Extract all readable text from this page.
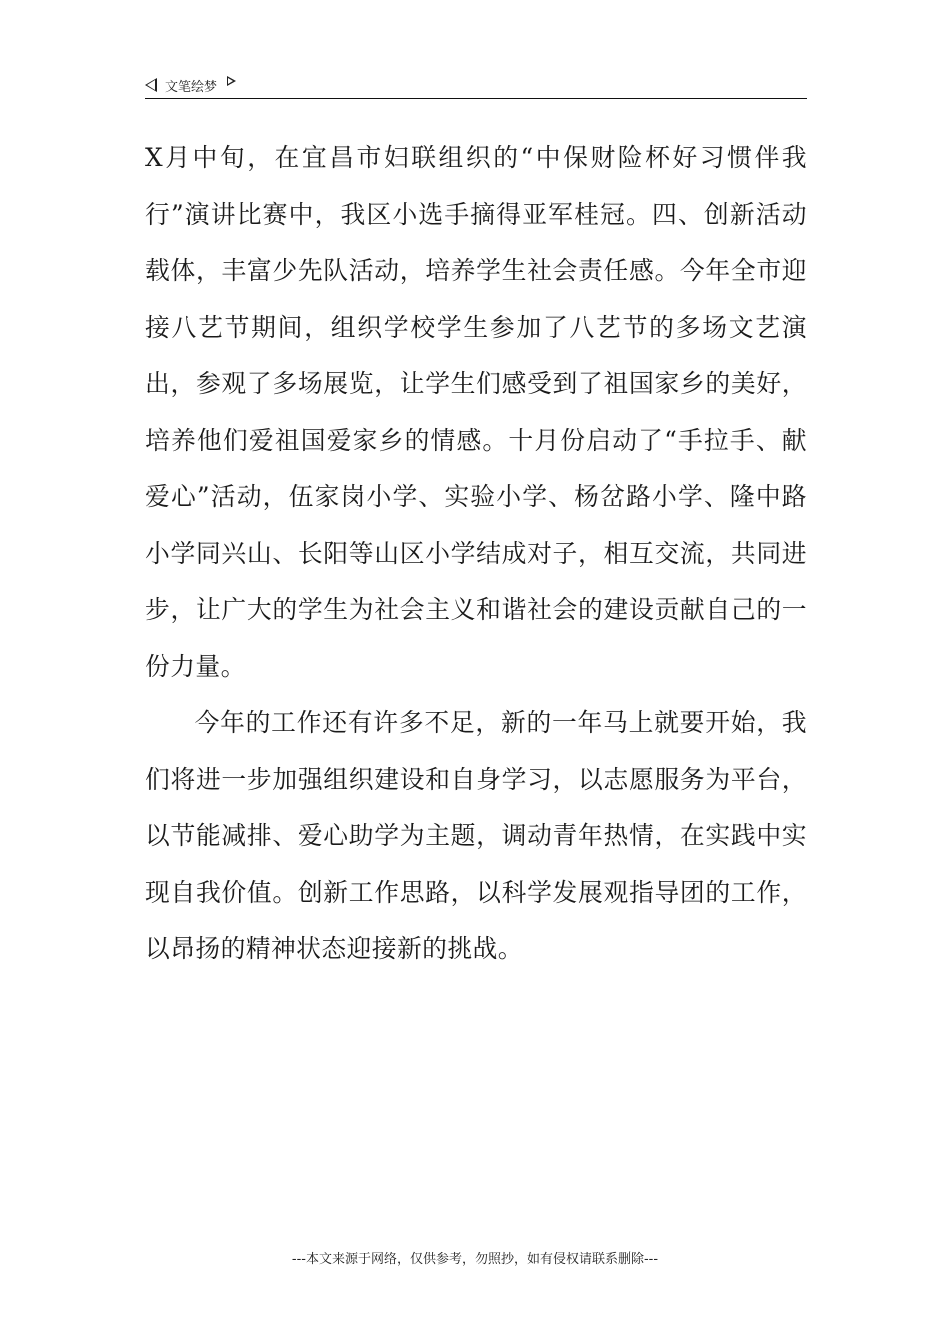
文笔绘梦

X月中旬，在宜昌市妇联组织的“中保财险杯好习惯伴我行”演讲比赛中，我区小选手摘得亚军桂冠。四、创新活动载体，丰富少先队活动，培养学生社会责任感。今年全市迎接八艺节期间，组织学校学生参加了八艺节的多场文艺演出，参观了多场展览，让学生们感受到了祖国家乡的美好，培养他们爱祖国爱家乡的情感。十月份启动了“手拉手、献爱心”活动，伍家岗小学、实验小学、杨岔路小学、隆中路小学同兴山、长阳等山区小学结成对子，相互交流，共同进步，让广大的学生为社会主义和谐社会的建设贡献自己的一份力量。

今年的工作还有许多不足，新的一年马上就要开始，我们将进一步加强组织建设和自身学习，以志愿服务为平台，以节能减排、爱心助学为主题，调动青年热情，在实践中实现自我价值。创新工作思路，以科学发展观指导团的工作，以昂扬的精神状态迎接新的挑战。

---本文来源于网络，仅供参考，勿照抄，如有侵权请联系删除---
